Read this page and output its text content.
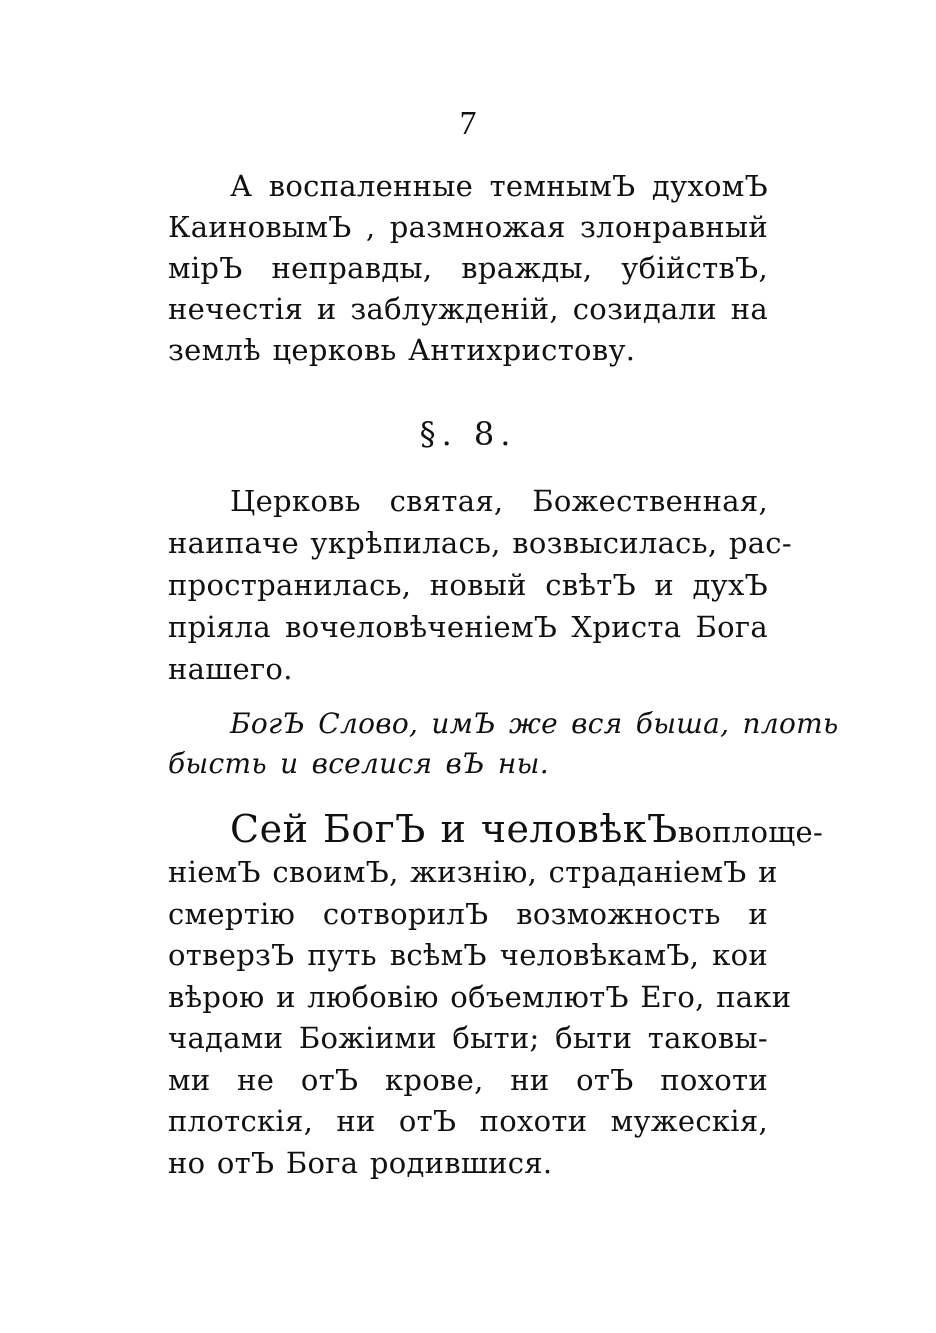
7
А воспаленные темнымЪ духомЪ
КаиновымЪ , размножая злонравный
мірЪ неправды, вражды, убійствЪ,
нечестія и заблужденій, созидали на
землѣ церковь Антихристову.
§. 8.
Церковь святая, Божественная,
наипаче укрѣпилась, возвысилась, рас-
пространилась, новый свѣтЪ и духЪ
пріяла вочеловѣченіемЪ Христа Бога
нашего.
БогЪ Слово, имЪ же вся быша, плоть
бысть и вселися вЪ ны.
Сей БогЪ и человѣкЪ воплоще-
ніемЪ своимЪ, жизнію, страданіемЪ и
смертію сотворилЪ возможность и
отверзЪ путь всѣмЪ человѣкамЪ, кои
вѣрою и любовію объемлютЪ Его, паки
чадами Божіими быти; быти таковы-
ми не отЪ крове, ни отЪ похоти
плотскія, ни отЪ похоти мужескія,
но отЪ Бога родившися.
